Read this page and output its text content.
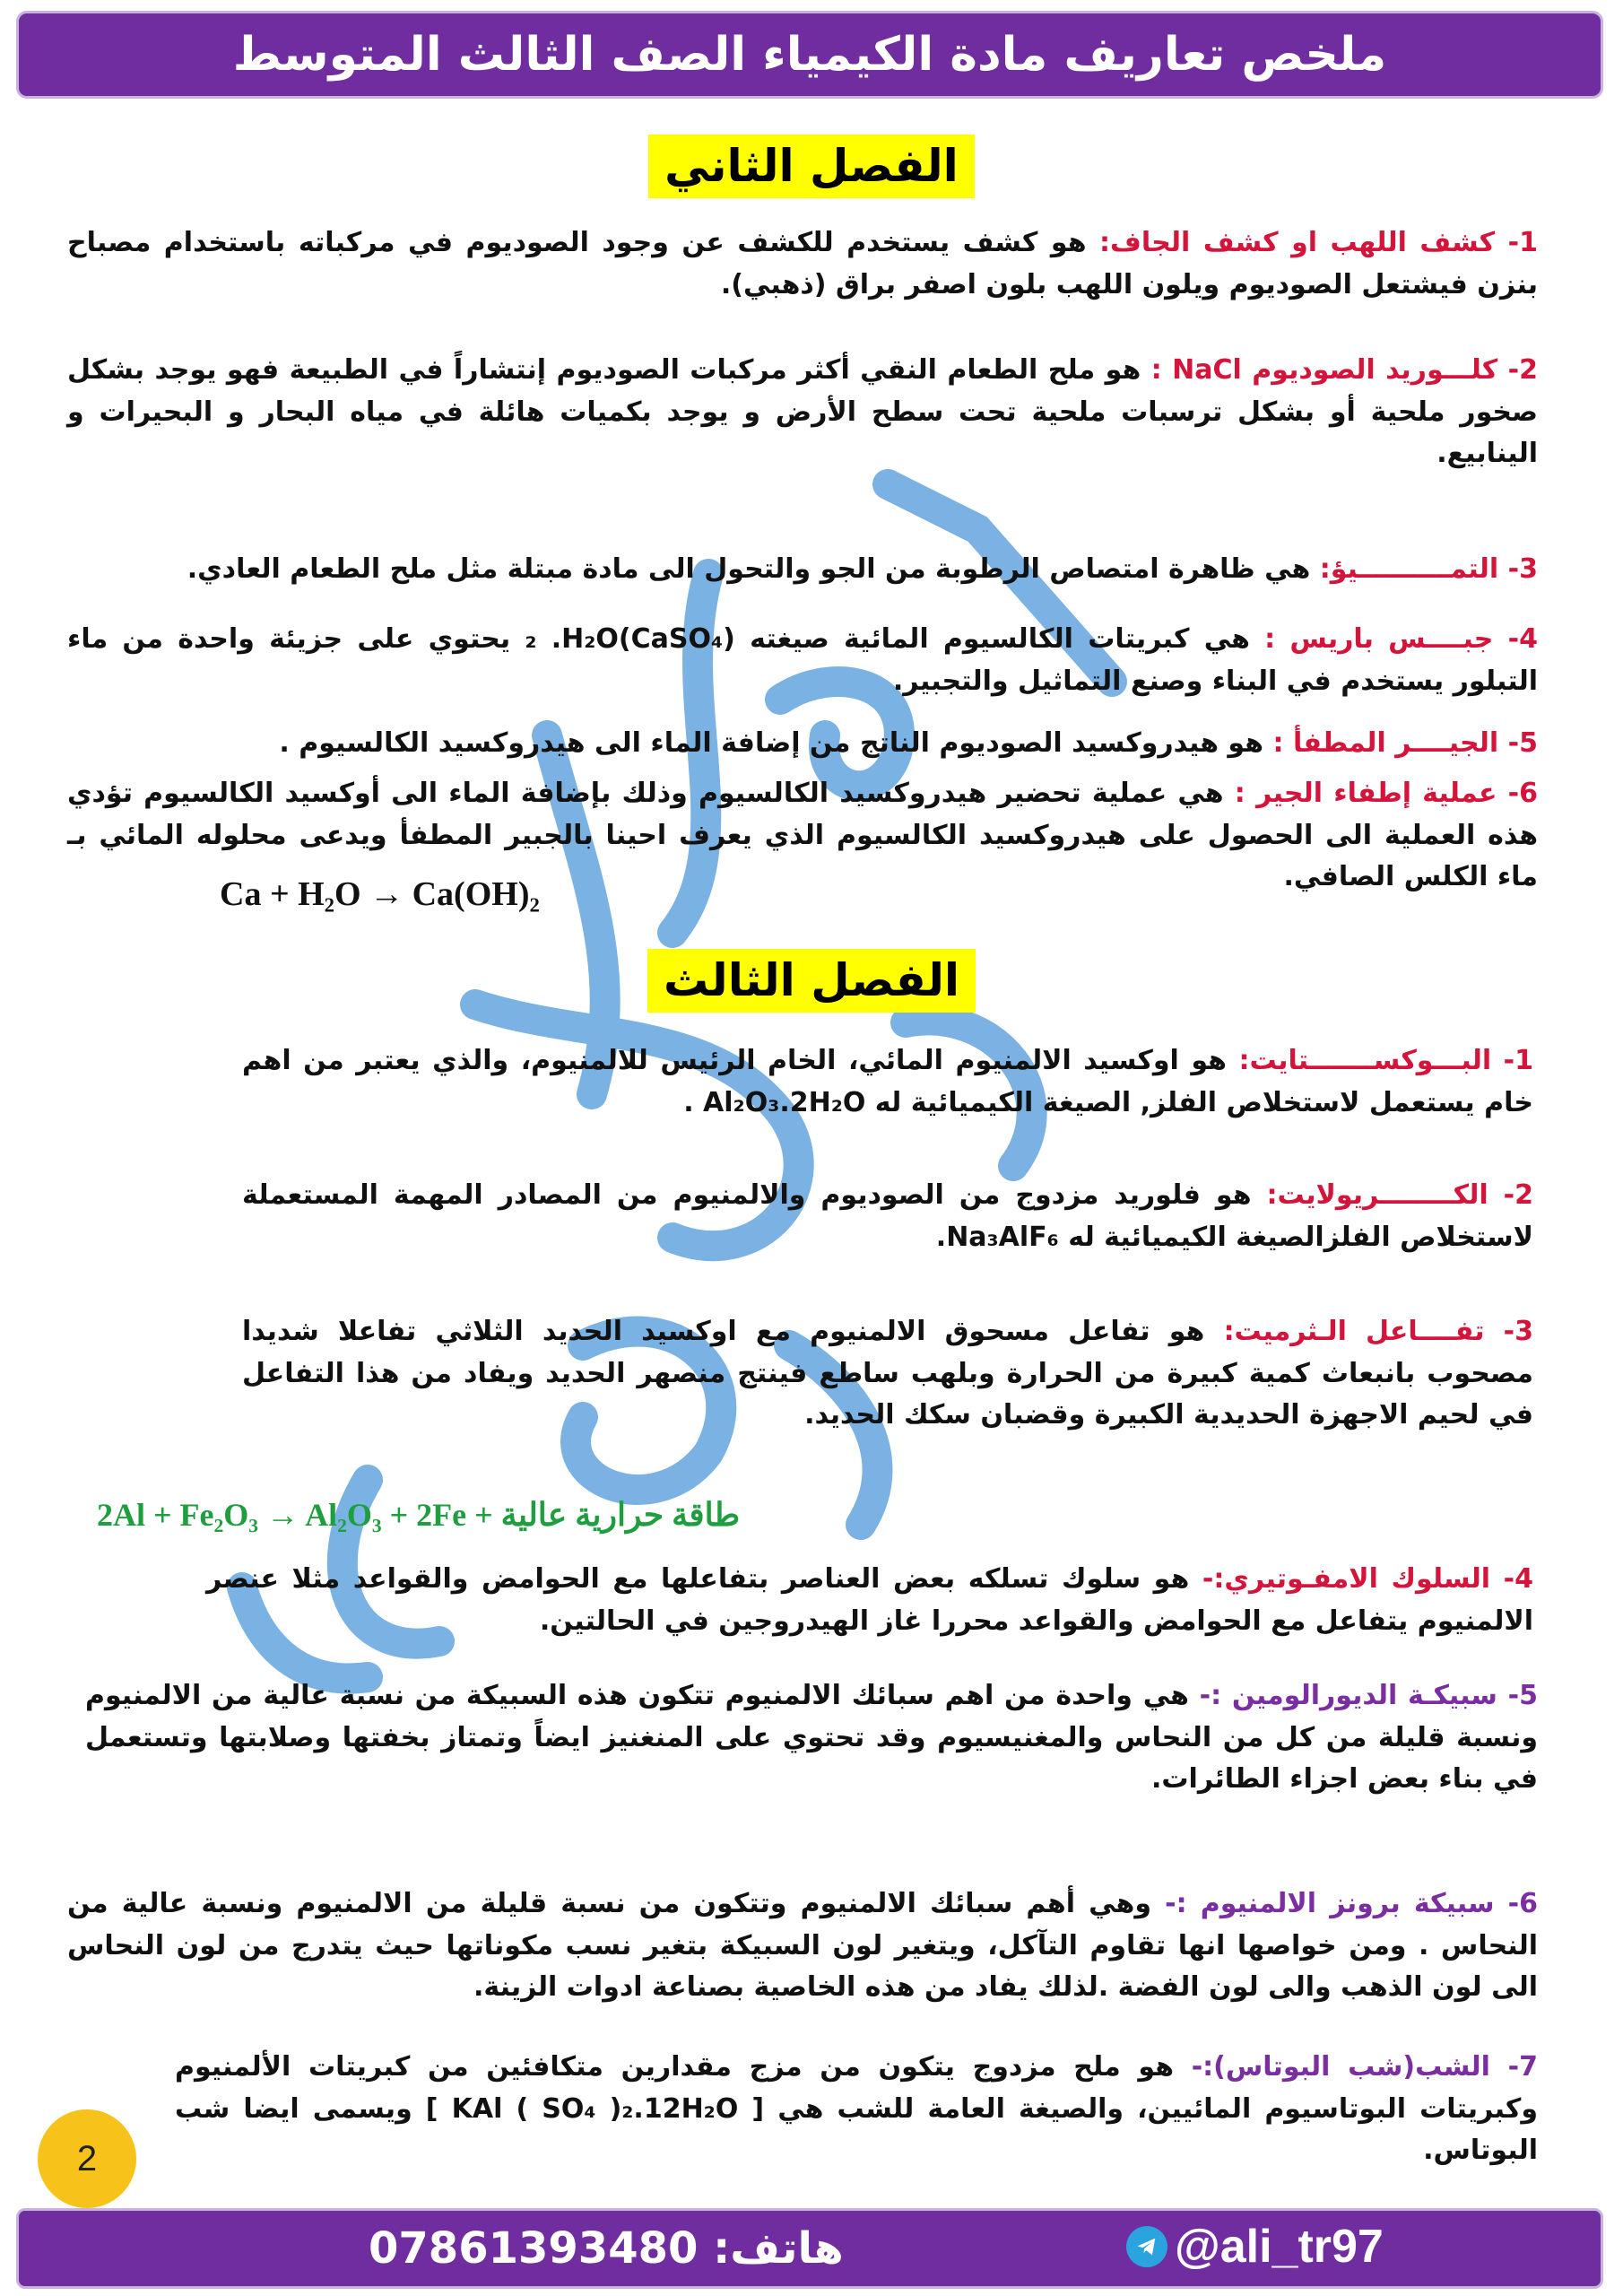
ملخص تعاريف مادة الكيمياء الصف الثالث المتوسط
الفصل الثاني
1- كشف اللهب او كشف الجاف: هو كشف يستخدم للكشف عن وجود الصوديوم في مركباته باستخدام مصباح بنزن فيشتعل الصوديوم ويلون اللهب بلون اصفر براق (ذهبي).
2- كلـــوريد الصوديوم NaCl : هو ملح الطعام النقي أكثر مركبات الصوديوم إنتشاراً في الطبيعة فهو يوجد بشكل صخور ملحية أو بشكل ترسبات ملحية تحت سطح الأرض و يوجد بكميات هائلة في مياه البحار و البحيرات و الينابيع.
3- التمــــــــــيؤ: هي ظاهرة امتصاص الرطوبة من الجو والتحول الى مادة مبتلة مثل ملح الطعام العادي.
4- جبــــس باريس : هي كبريتات الكالسيوم المائية صيغته (CaSO₄)₂ .H₂O يحتوي على جزيئة واحدة من ماء التبلور يستخدم في البناء وصنع التماثيل والتجبير.
5- الجيــــر المطفأ : هو هيدروكسيد الصوديوم الناتج من إضافة الماء الى هيدروكسيد الكالسيوم .
6- عملية إطفاء الجير : هي عملية تحضير هيدروكسيد الكالسيوم وذلك بإضافة الماء الى أوكسيد الكالسيوم تؤدي هذه العملية الى الحصول على هيدروكسيد الكالسيوم الذي يعرف احينا بالجبير المطفأ ويدعى محلوله المائي بـ ماء الكلس الصافي.
Ca + H₂O → Ca(OH)₂
الفصل الثالث
1- البـــوكســـــــتايت: هو اوكسيد الالمنيوم المائي، الخام الرئيس للالمنيوم، والذي يعتبر من اهم خام يستعمل لاستخلاص الفلز, الصيغة الكيميائية له Al₂O₃.2H₂O .
2- الكــــــــريولايت: هو فلوريد مزدوج من الصوديوم والالمنيوم من المصادر المهمة المستعملة لاستخلاص الفلزالصيغة الكيميائية له Na₃AlF₆.
3- تفــــاعل الـثرميت: هو تفاعل مسحوق الالمنيوم مع اوكسيد الحديد الثلاثي تفاعلا شديدا مصحوب بانبعاث كمية كبيرة من الحرارة وبلهب ساطع فينتج منصهر الحديد ويفاد من هذا التفاعل في لحيم الاجهزة الحديدية الكبيرة وقضبان سكك الحديد.
2Al + Fe₂O₃ → Al₂O₃ + 2Fe + طاقة حرارية عالية
4- السلوك الامفـوتيري:- هو سلوك تسلكه بعض العناصر بتفاعلها مع الحوامض والقواعد مثلا عنصر الالمنيوم يتفاعل مع الحوامض والقواعد محررا غاز الهيدروجين في الحالتين.
5- سبيكـة الديورالومين :- هي واحدة من اهم سبائك الالمنيوم تتكون هذه السبيكة من نسبة عالية من الالمنيوم ونسبة قليلة من كل من النحاس والمغنيسيوم وقد تحتوي على المنغنيز ايضاً وتمتاز بخفتها وصلابتها وتستعمل في بناء بعض اجزاء الطائرات.
6- سبيكة برونز الالمنيوم :- وهي أهم سبائك الالمنيوم وتتكون من نسبة قليلة من الالمنيوم ونسبة عالية من النحاس . ومن خواصها انها تقاوم التآكل، ويتغير لون السبيكة بتغير نسب مكوناتها حيث يتدرج من لون النحاس الى لون الذهب والى لون الفضة .لذلك يفاد من هذه الخاصية بصناعة ادوات الزينة.
7- الشب(شب البوتاس):- هو ملح مزدوج يتكون من مزج مقدارين متكافئين من كبريتات الألمنيوم وكبريتات البوتاسيوم المائيين، والصيغة العامة للشب هي [ KAl ( SO₄ )₂.12H₂O ] ويسمى ايضا شب البوتاس.
2
هاتف: 07861393480	@ali_tr97
